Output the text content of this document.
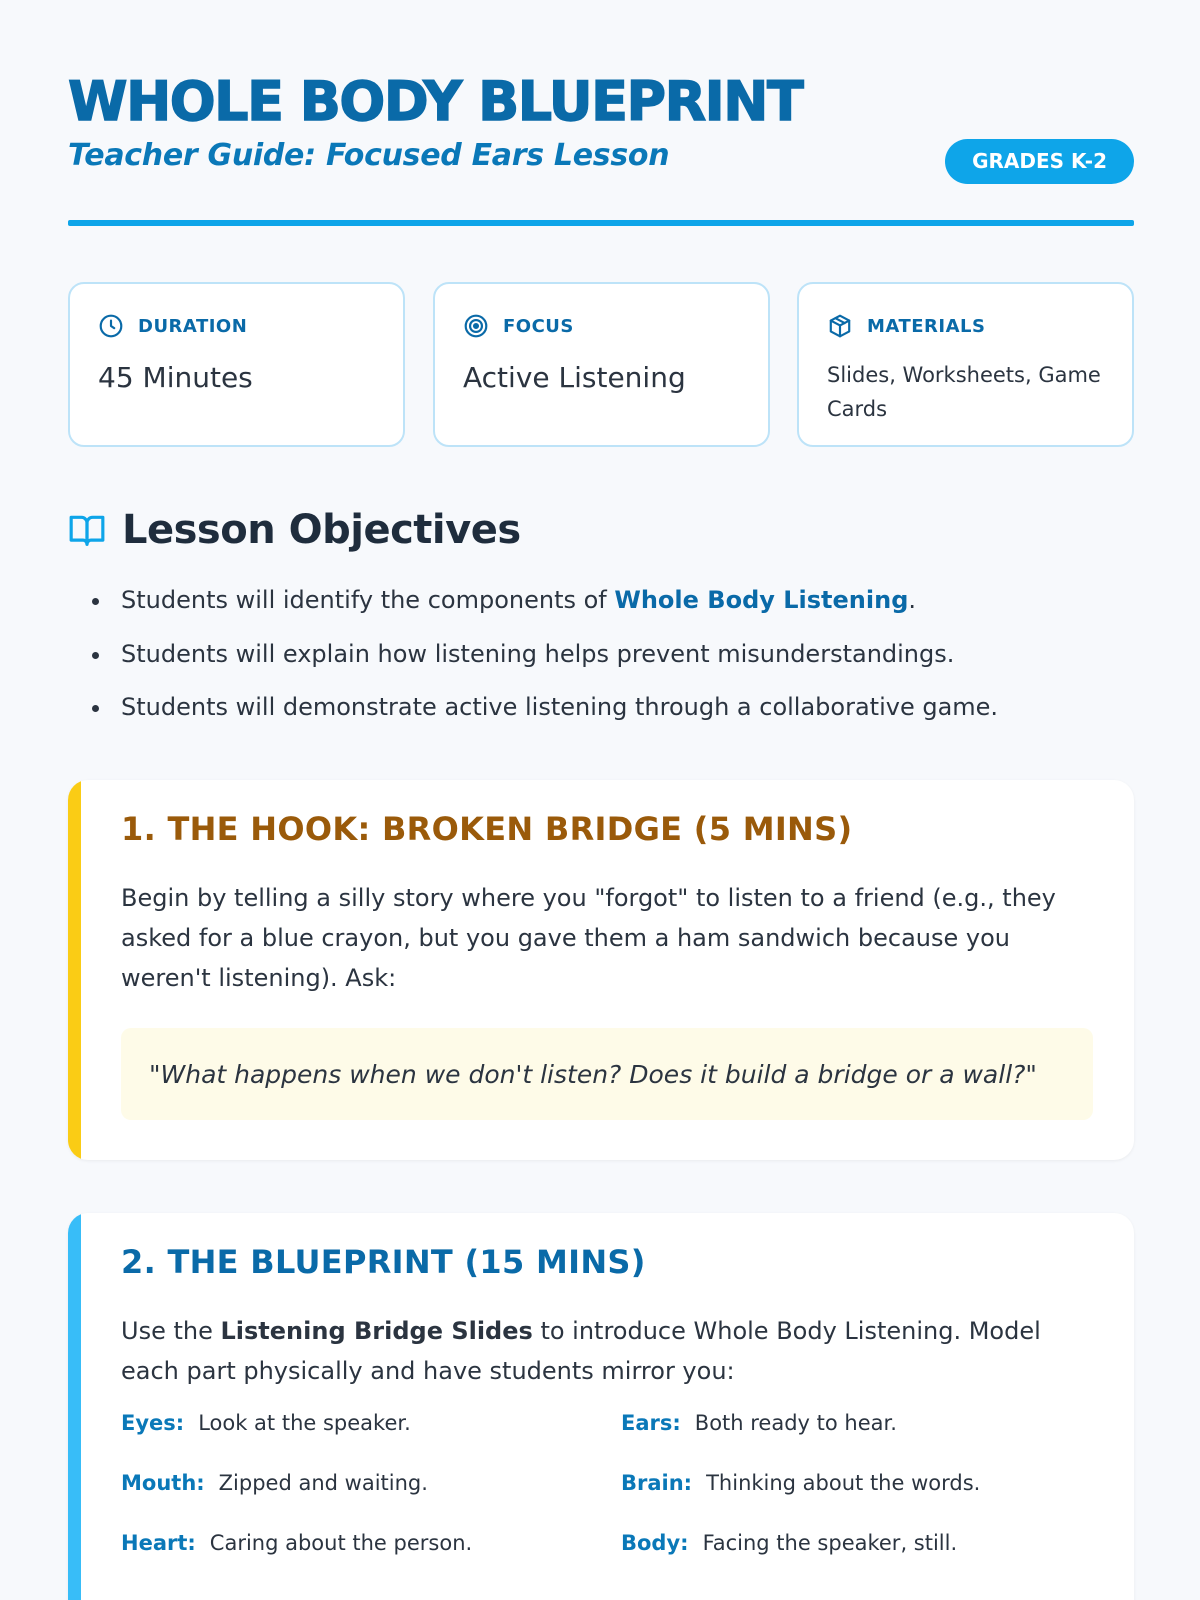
WHOLE BODY BLUEPRINT
Teacher Guide: Focused Ears Lesson	GRADES K-2
DURATION
45 Minutes
FOCUS
Active Listening
MATERIALS
Slides, Worksheets, Game Cards
Lesson Objectives
Students will identify the components of Whole Body Listening.
Students will explain how listening helps prevent misunderstandings.
Students will demonstrate active listening through a collaborative game.
1. THE HOOK: BROKEN BRIDGE (5 MINS)

Begin by telling a silly story where you "forgot" to listen to a friend (e.g., they asked for a blue crayon, but you gave them a ham sandwich because you weren't listening). Ask:

"What happens when we don't listen? Does it build a bridge or a wall?"
2. THE BLUEPRINT (15 MINS)

Use the Listening Bridge Slides to introduce Whole Body Listening. Model each part physically and have students mirror you:

Eyes: Look at the speaker.	Ears: Both ready to hear.
Mouth: Zipped and waiting.	Brain: Thinking about the words.
Heart: Caring about the person.	Body: Facing the speaker, still.
